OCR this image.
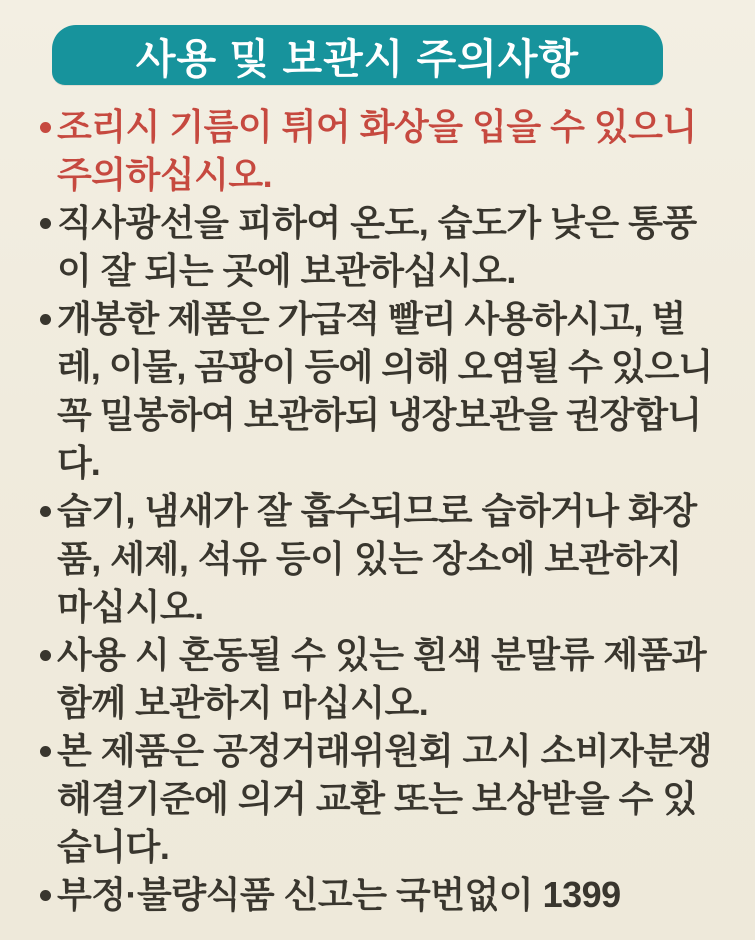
사용 및 보관시 주의사항
조리시 기름이 튀어 화상을 입을 수 있으니 주의하십시오.
직사광선을 피하여 온도, 습도가 낮은 통풍이 잘 되는 곳에 보관하십시오.
개봉한 제품은 가급적 빨리 사용하시고, 벌레, 이물, 곰팡이 등에 의해 오염될 수 있으니 꼭 밀봉하여 보관하되 냉장보관을 권장합니다.
습기, 냄새가 잘 흡수되므로 습하거나 화장품, 세제, 석유 등이 있는 장소에 보관하지 마십시오.
사용 시 혼동될 수 있는 흰색 분말류 제품과 함께 보관하지 마십시오.
본 제품은 공정거래위원회 고시 소비자분쟁 해결기준에 의거 교환 또는 보상받을 수 있습니다.
부정·불량식품 신고는 국번없이 1399
